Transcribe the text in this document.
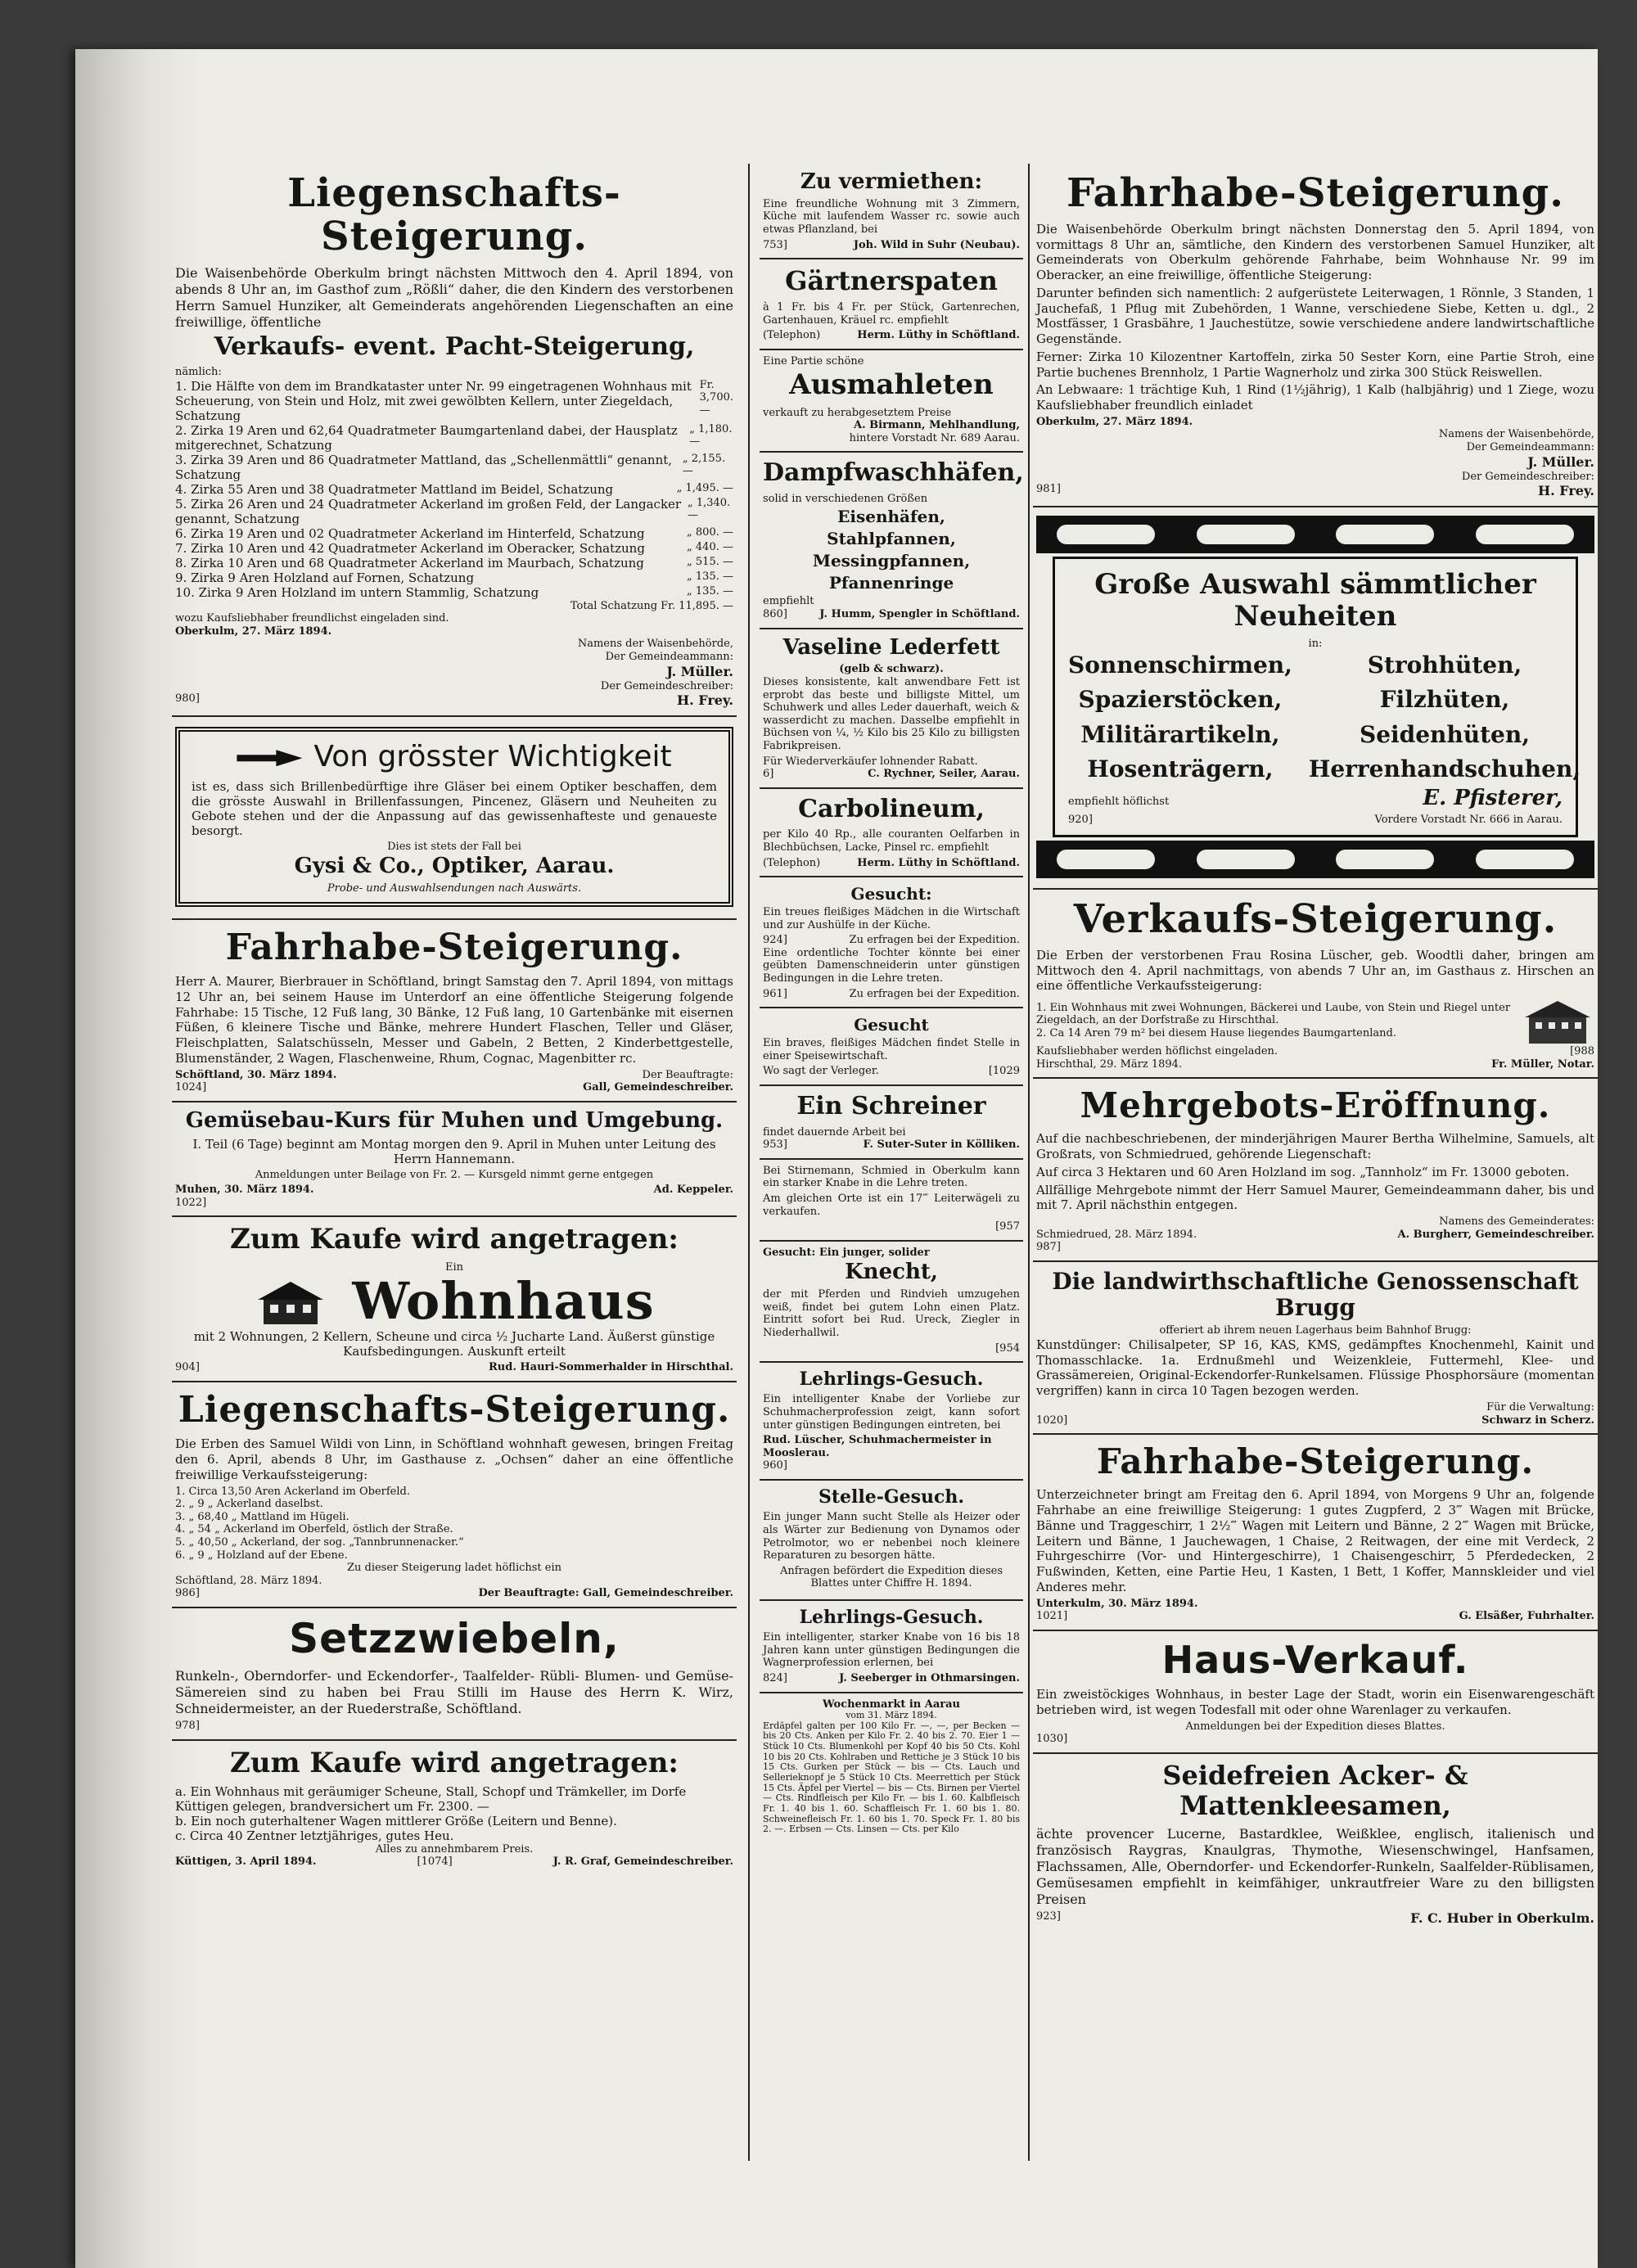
Liegenschafts-Steigerung.

Die Waisenbehörde Oberkulm bringt nächsten Mittwoch den 4. April 1894, von abends 8 Uhr an, im Gasthof zum „Rößli“ daher, die den Kindern des verstorbenen Herrn Samuel Hunziker, alt Gemeinderats angehörenden Liegenschaften an eine freiwillige, öffentliche

Verkaufs- event. Pacht-Steigerung,
nämlich:
1. Die Hälfte von dem im Brandkataster unter Nr. 99 eingetragenen Wohnhaus mit Scheuerung, von Stein und Holz, mit zwei gewölbten Kellern, unter Ziegeldach, Schatzung
Fr. 3,700. —
2. Zirka 19 Aren und 62,64 Quadratmeter Baumgartenland dabei, der Hausplatz mitgerechnet, Schatzung
„ 1,180. —
3. Zirka 39 Aren und 86 Quadratmeter Mattland, das „Schellenmättli“ genannt, Schatzung
„ 2,155. —
4. Zirka 55 Aren und 38 Quadratmeter Mattland im Beidel, Schatzung	„ 1,495. —
5. Zirka 26 Aren und 24 Quadratmeter Ackerland im großen Feld, der Langacker genannt, Schatzung
„ 1,340. —
6. Zirka 19 Aren und 02 Quadratmeter Ackerland im Hinterfeld, Schatzung	„ 800. —
7. Zirka 10 Aren und 42 Quadratmeter Ackerland im Oberacker, Schatzung	„ 440. —
8. Zirka 10 Aren und 68 Quadratmeter Ackerland im Maurbach, Schatzung	„ 515. —
9. Zirka 9 Aren Holzland auf Fornen, Schatzung	„ 135. —
10. Zirka 9 Aren Holzland im untern Stammlig, Schatzung	„ 135. —
Total Schatzung Fr. 11,895. —
wozu Kaufsliebhaber freundlichst eingeladen sind.
Oberkulm, 27. März 1894.
Namens der Waisenbehörde,
Der Gemeindeammann:
J. Müller.
Der Gemeindeschreiber:
980]	H. Frey.
Von grösster Wichtigkeit

ist es, dass sich Brillenbedürftige ihre Gläser bei einem Optiker beschaffen, dem die grösste Auswahl in Brillenfassungen, Pincenez, Gläsern und Neuheiten zu Gebote stehen und der die Anpassung auf das gewissenhafteste und genaueste besorgt.

Dies ist stets der Fall bei
Gysi & Co., Optiker, Aarau.
Probe- und Auswahlsendungen nach Auswärts.
Fahrhabe-Steigerung.

Herr A. Maurer, Bierbrauer in Schöftland, bringt Samstag den 7. April 1894, von mittags 12 Uhr an, bei seinem Hause im Unterdorf an eine öffentliche Steigerung folgende Fahrhabe: 15 Tische, 12 Fuß lang, 30 Bänke, 12 Fuß lang, 10 Gartenbänke mit eisernen Füßen, 6 kleinere Tische und Bänke, mehrere Hundert Flaschen, Teller und Gläser, Fleischplatten, Salatschüsseln, Messer und Gabeln, 2 Betten, 2 Kinderbettgestelle, Blumenständer, 2 Wagen, Flaschenweine, Rhum, Cognac, Magenbitter rc.

Schöftland, 30. März 1894.	Der Beauftragte:
1024]	Gall, Gemeindeschreiber.
Gemüsebau-Kurs für Muhen und Umgebung.

I. Teil (6 Tage) beginnt am Montag morgen den 9. April in Muhen unter Leitung des Herrn Hannemann.

Anmeldungen unter Beilage von Fr. 2. — Kursgeld nimmt gerne entgegen

Muhen, 30. März 1894.	Ad. Keppeler.
1022]
Zum Kaufe wird angetragen:
Ein
Wohnhaus

mit 2 Wohnungen, 2 Kellern, Scheune und circa ½ Jucharte Land. Äußerst günstige Kaufsbedingungen. Auskunft erteilt

904]	Rud. Hauri-Sommerhalder in Hirschthal.
Liegenschafts-Steigerung.

Die Erben des Samuel Wildi von Linn, in Schöftland wohnhaft gewesen, bringen Freitag den 6. April, abends 8 Uhr, im Gasthause z. „Ochsen“ daher an eine öffentliche freiwillige Verkaufssteigerung:

1. Circa 13,50 Aren Ackerland im Oberfeld.
2. „ 9 „ Ackerland daselbst.
3. „ 68,40 „ Mattland im Hügeli.
4. „ 54 „ Ackerland im Oberfeld, östlich der Straße.
5. „ 40,50 „ Ackerland, der sog. „Tannbrunnenacker.“
6. „ 9 „ Holzland auf der Ebene.
Zu dieser Steigerung ladet höflichst ein
Schöftland, 28. März 1894.
986]	Der Beauftragte: Gall, Gemeindeschreiber.
Setzzwiebeln,

Runkeln-, Oberndorfer- und Eckendorfer-, Taalfelder- Rübli- Blumen- und Gemüse-Sämereien sind zu haben bei Frau Stilli im Hause des Herrn K. Wirz, Schneidermeister, an der Ruederstraße, Schöftland.

978]
Zum Kaufe wird angetragen:
a. Ein Wohnhaus mit geräumiger Scheune, Stall, Schopf und Trämkeller, im Dorfe Küttigen gelegen, brandversichert um Fr. 2300. —
b. Ein noch guterhaltener Wagen mittlerer Größe (Leitern und Benne).
c. Circa 40 Zentner letztjähriges, gutes Heu.
Alles zu annehmbarem Preis.
Küttigen, 3. April 1894.	[1074]	J. R. Graf, Gemeindeschreiber.
Zu vermiethen:

Eine freundliche Wohnung mit 3 Zimmern, Küche mit laufendem Wasser rc. sowie auch etwas Pflanzland, bei

753]	Joh. Wild in Suhr (Neubau).
Gärtnerspaten

à 1 Fr. bis 4 Fr. per Stück, Gartenrechen, Gartenhauen, Kräuel rc. empfiehlt

(Telephon)	Herm. Lüthy in Schöftland.
Eine Partie schöne
Ausmahleten
verkauft zu herabgesetztem Preise
A. Birmann, Mehlhandlung,
hintere Vorstadt Nr. 689 Aarau.
Dampfwaschhäfen,
solid in verschiedenen Größen
Eisenhäfen,
Stahlpfannen,
Messingpfannen,
Pfannenringe
empfiehlt
860]	J. Humm, Spengler in Schöftland.
Vaseline Lederfett
(gelb & schwarz).

Dieses konsistente, kalt anwendbare Fett ist erprobt das beste und billigste Mittel, um Schuhwerk und alles Leder dauerhaft, weich & wasserdicht zu machen. Dasselbe empfiehlt in Büchsen von ¼, ½ Kilo bis 25 Kilo zu billigsten Fabrikpreisen.

Für Wiederverkäufer lohnender Rabatt.
6]	C. Rychner, Seiler, Aarau.
Carbolineum,

per Kilo 40 Rp., alle couranten Oelfarben in Blechbüchsen, Lacke, Pinsel rc. empfiehlt

(Telephon)	Herm. Lüthy in Schöftland.
Gesucht:

Ein treues fleißiges Mädchen in die Wirtschaft und zur Aushülfe in der Küche.

924]	Zu erfragen bei der Expedition.

Eine ordentliche Tochter könnte bei einer geübten Damenschneiderin unter günstigen Bedingungen in die Lehre treten.

961]	Zu erfragen bei der Expedition.
Gesucht

Ein braves, fleißiges Mädchen findet Stelle in einer Speisewirtschaft.

Wo sagt der Verleger.	[1029
Ein Schreiner
findet dauernde Arbeit bei
953]	F. Suter-Suter in Kölliken.

Bei Stirnemann, Schmied in Oberkulm kann ein starker Knabe in die Lehre treten.

Am gleichen Orte ist ein 17‴ Leiterwägeli zu verkaufen.

[957
Gesucht: Ein junger, solider
Knecht,

der mit Pferden und Rindvieh umzugehen weiß, findet bei gutem Lohn einen Platz. Eintritt sofort bei Rud. Ureck, Ziegler in Niederhallwil.

[954
Lehrlings-Gesuch.

Ein intelligenter Knabe der Vorliebe zur Schuhmacherprofession zeigt, kann sofort unter günstigen Bedingungen eintreten, bei

Rud. Lüscher, Schuhmachermeister in Mooslerau.
960]
Stelle-Gesuch.

Ein junger Mann sucht Stelle als Heizer oder als Wärter zur Bedienung von Dynamos oder Petrolmotor, wo er nebenbei noch kleinere Reparaturen zu besorgen hätte.

Anfragen befördert die Expedition dieses Blattes unter Chiffre H. 1894.

Lehrlings-Gesuch.

Ein intelligenter, starker Knabe von 16 bis 18 Jahren kann unter günstigen Bedingungen die Wagnerprofession erlernen, bei

824]	J. Seeberger in Othmarsingen.
Wochenmarkt in Aarau
vom 31. März 1894.

Erdäpfel galten per 100 Kilo Fr. —, —, per Becken — bis 20 Cts. Anken per Kilo Fr. 2. 40 bis 2. 70. Eier 1 — Stück 10 Cts. Blumenkohl per Kopf 40 bis 50 Cts. Kohl 10 bis 20 Cts. Kohlraben und Rettiche je 3 Stück 10 bis 15 Cts. Gurken per Stück — bis — Cts. Lauch und Sellerieknopf je 5 Stück 10 Cts. Meerrettich per Stück 15 Cts. Äpfel per Viertel — bis — Cts. Birnen per Viertel — Cts. Rindfleisch per Kilo Fr. — bis 1. 60. Kalbfleisch Fr. 1. 40 bis 1. 60. Schaffleisch Fr. 1. 60 bis 1. 80. Schweinefleisch Fr. 1. 60 bis 1. 70. Speck Fr. 1. 80 bis 2. —. Erbsen — Cts. Linsen — Cts. per Kilo

Fahrhabe-Steigerung.

Die Waisenbehörde Oberkulm bringt nächsten Donnerstag den 5. April 1894, von vormittags 8 Uhr an, sämtliche, den Kindern des verstorbenen Samuel Hunziker, alt Gemeinderats von Oberkulm gehörende Fahrhabe, beim Wohnhause Nr. 99 im Oberacker, an eine freiwillige, öffentliche Steigerung:

Darunter befinden sich namentlich: 2 aufgerüstete Leiterwagen, 1 Rönnle, 3 Standen, 1 Jauchefaß, 1 Pflug mit Zubehörden, 1 Wanne, verschiedene Siebe, Ketten u. dgl., 2 Mostfässer, 1 Grasbähre, 1 Jauchestütze, sowie verschiedene andere landwirtschaftliche Gegenstände.

Ferner: Zirka 10 Kilozentner Kartoffeln, zirka 50 Sester Korn, eine Partie Stroh, eine Partie buchenes Brennholz, 1 Partie Wagnerholz und zirka 300 Stück Reiswellen.

An Lebwaare: 1 trächtige Kuh, 1 Rind (1½jährig), 1 Kalb (halbjährig) und 1 Ziege, wozu Kaufsliebhaber freundlich einladet

Oberkulm, 27. März 1894.
Namens der Waisenbehörde,
Der Gemeindeammann:
J. Müller.
Der Gemeindeschreiber:
981]	H. Frey.
Große Auswahl sämmtlicher Neuheiten
in:
Sonnenschirmen,	Strohhüten,
Spazierstöcken,	Filzhüten,
Militärartikeln,	Seidenhüten,
Hosenträgern,	Herrenhandschuhen,
empfiehlt höflichst	E. Pfisterer,
920]	Vordere Vorstadt Nr. 666 in Aarau.
Verkaufs-Steigerung.

Die Erben der verstorbenen Frau Rosina Lüscher, geb. Woodtli daher, bringen am Mittwoch den 4. April nachmittags, von abends 7 Uhr an, im Gasthaus z. Hirschen an eine öffentliche Verkaufssteigerung:

1. Ein Wohnhaus mit zwei Wohnungen, Bäckerei und Laube, von Stein und Riegel unter Ziegeldach, an der Dorfstraße zu Hirschthal.
2. Ca 14 Aren 79 m² bei diesem Hause liegendes Baumgartenland.
Kaufsliebhaber werden höflichst eingeladen.	[988
Hirschthal, 29. März 1894.	Fr. Müller, Notar.
Mehrgebots-Eröffnung.

Auf die nachbeschriebenen, der minderjährigen Maurer Bertha Wilhelmine, Samuels, alt Großrats, von Schmiedrued, gehörende Liegenschaft:

Auf circa 3 Hektaren und 60 Aren Holzland im sog. „Tannholz“ im Fr. 13000 geboten.

Allfällige Mehrgebote nimmt der Herr Samuel Maurer, Gemeindeammann daher, bis und mit 7. April nächsthin entgegen.

Namens des Gemeinderates:
Schmiedrued, 28. März 1894.	A. Burgherr, Gemeindeschreiber.
987]
Die landwirthschaftliche Genossenschaft Brugg
offeriert ab ihrem neuen Lagerhaus beim Bahnhof Brugg:

Kunstdünger: Chilisalpeter, SP 16, KAS, KMS, gedämpftes Knochenmehl, Kainit und Thomasschlacke. 1a. Erdnußmehl und Weizenkleie, Futtermehl, Klee- und Grassämereien, Original-Eckendorfer-Runkelsamen. Flüssige Phosphorsäure (momentan vergriffen) kann in circa 10 Tagen bezogen werden.

Für die Verwaltung:
1020]	Schwarz in Scherz.
Fahrhabe-Steigerung.

Unterzeichneter bringt am Freitag den 6. April 1894, von Morgens 9 Uhr an, folgende Fahrhabe an eine freiwillige Steigerung: 1 gutes Zugpferd, 2 3‴ Wagen mit Brücke, Bänne und Traggeschirr, 1 2½‴ Wagen mit Leitern und Bänne, 2 2‴ Wagen mit Brücke, Leitern und Bänne, 1 Jauchewagen, 1 Chaise, 2 Reitwagen, der eine mit Verdeck, 2 Fuhrgeschirre (Vor- und Hintergeschirre), 1 Chaisengeschirr, 5 Pferdedecken, 2 Fußwinden, Ketten, eine Partie Heu, 1 Kasten, 1 Bett, 1 Koffer, Mannskleider und viel Anderes mehr.

Unterkulm, 30. März 1894.
1021]	G. Elsäßer, Fuhrhalter.
Haus-Verkauf.

Ein zweistöckiges Wohnhaus, in bester Lage der Stadt, worin ein Eisenwarengeschäft betrieben wird, ist wegen Todesfall mit oder ohne Warenlager zu verkaufen.

Anmeldungen bei der Expedition dieses Blattes.
1030]
Seidefreien Acker- & Mattenkleesamen,

ächte provencer Lucerne, Bastardklee, Weißklee, englisch, italienisch und französisch Raygras, Knaulgras, Thymothe, Wiesenschwingel, Hanfsamen, Flachssamen, Alle, Oberndorfer- und Eckendorfer-Runkeln, Saalfelder-Rüblisamen, Gemüsesamen empfiehlt in keimfähiger, unkrautfreier Ware zu den billigsten Preisen

923]	F. C. Huber in Oberkulm.
